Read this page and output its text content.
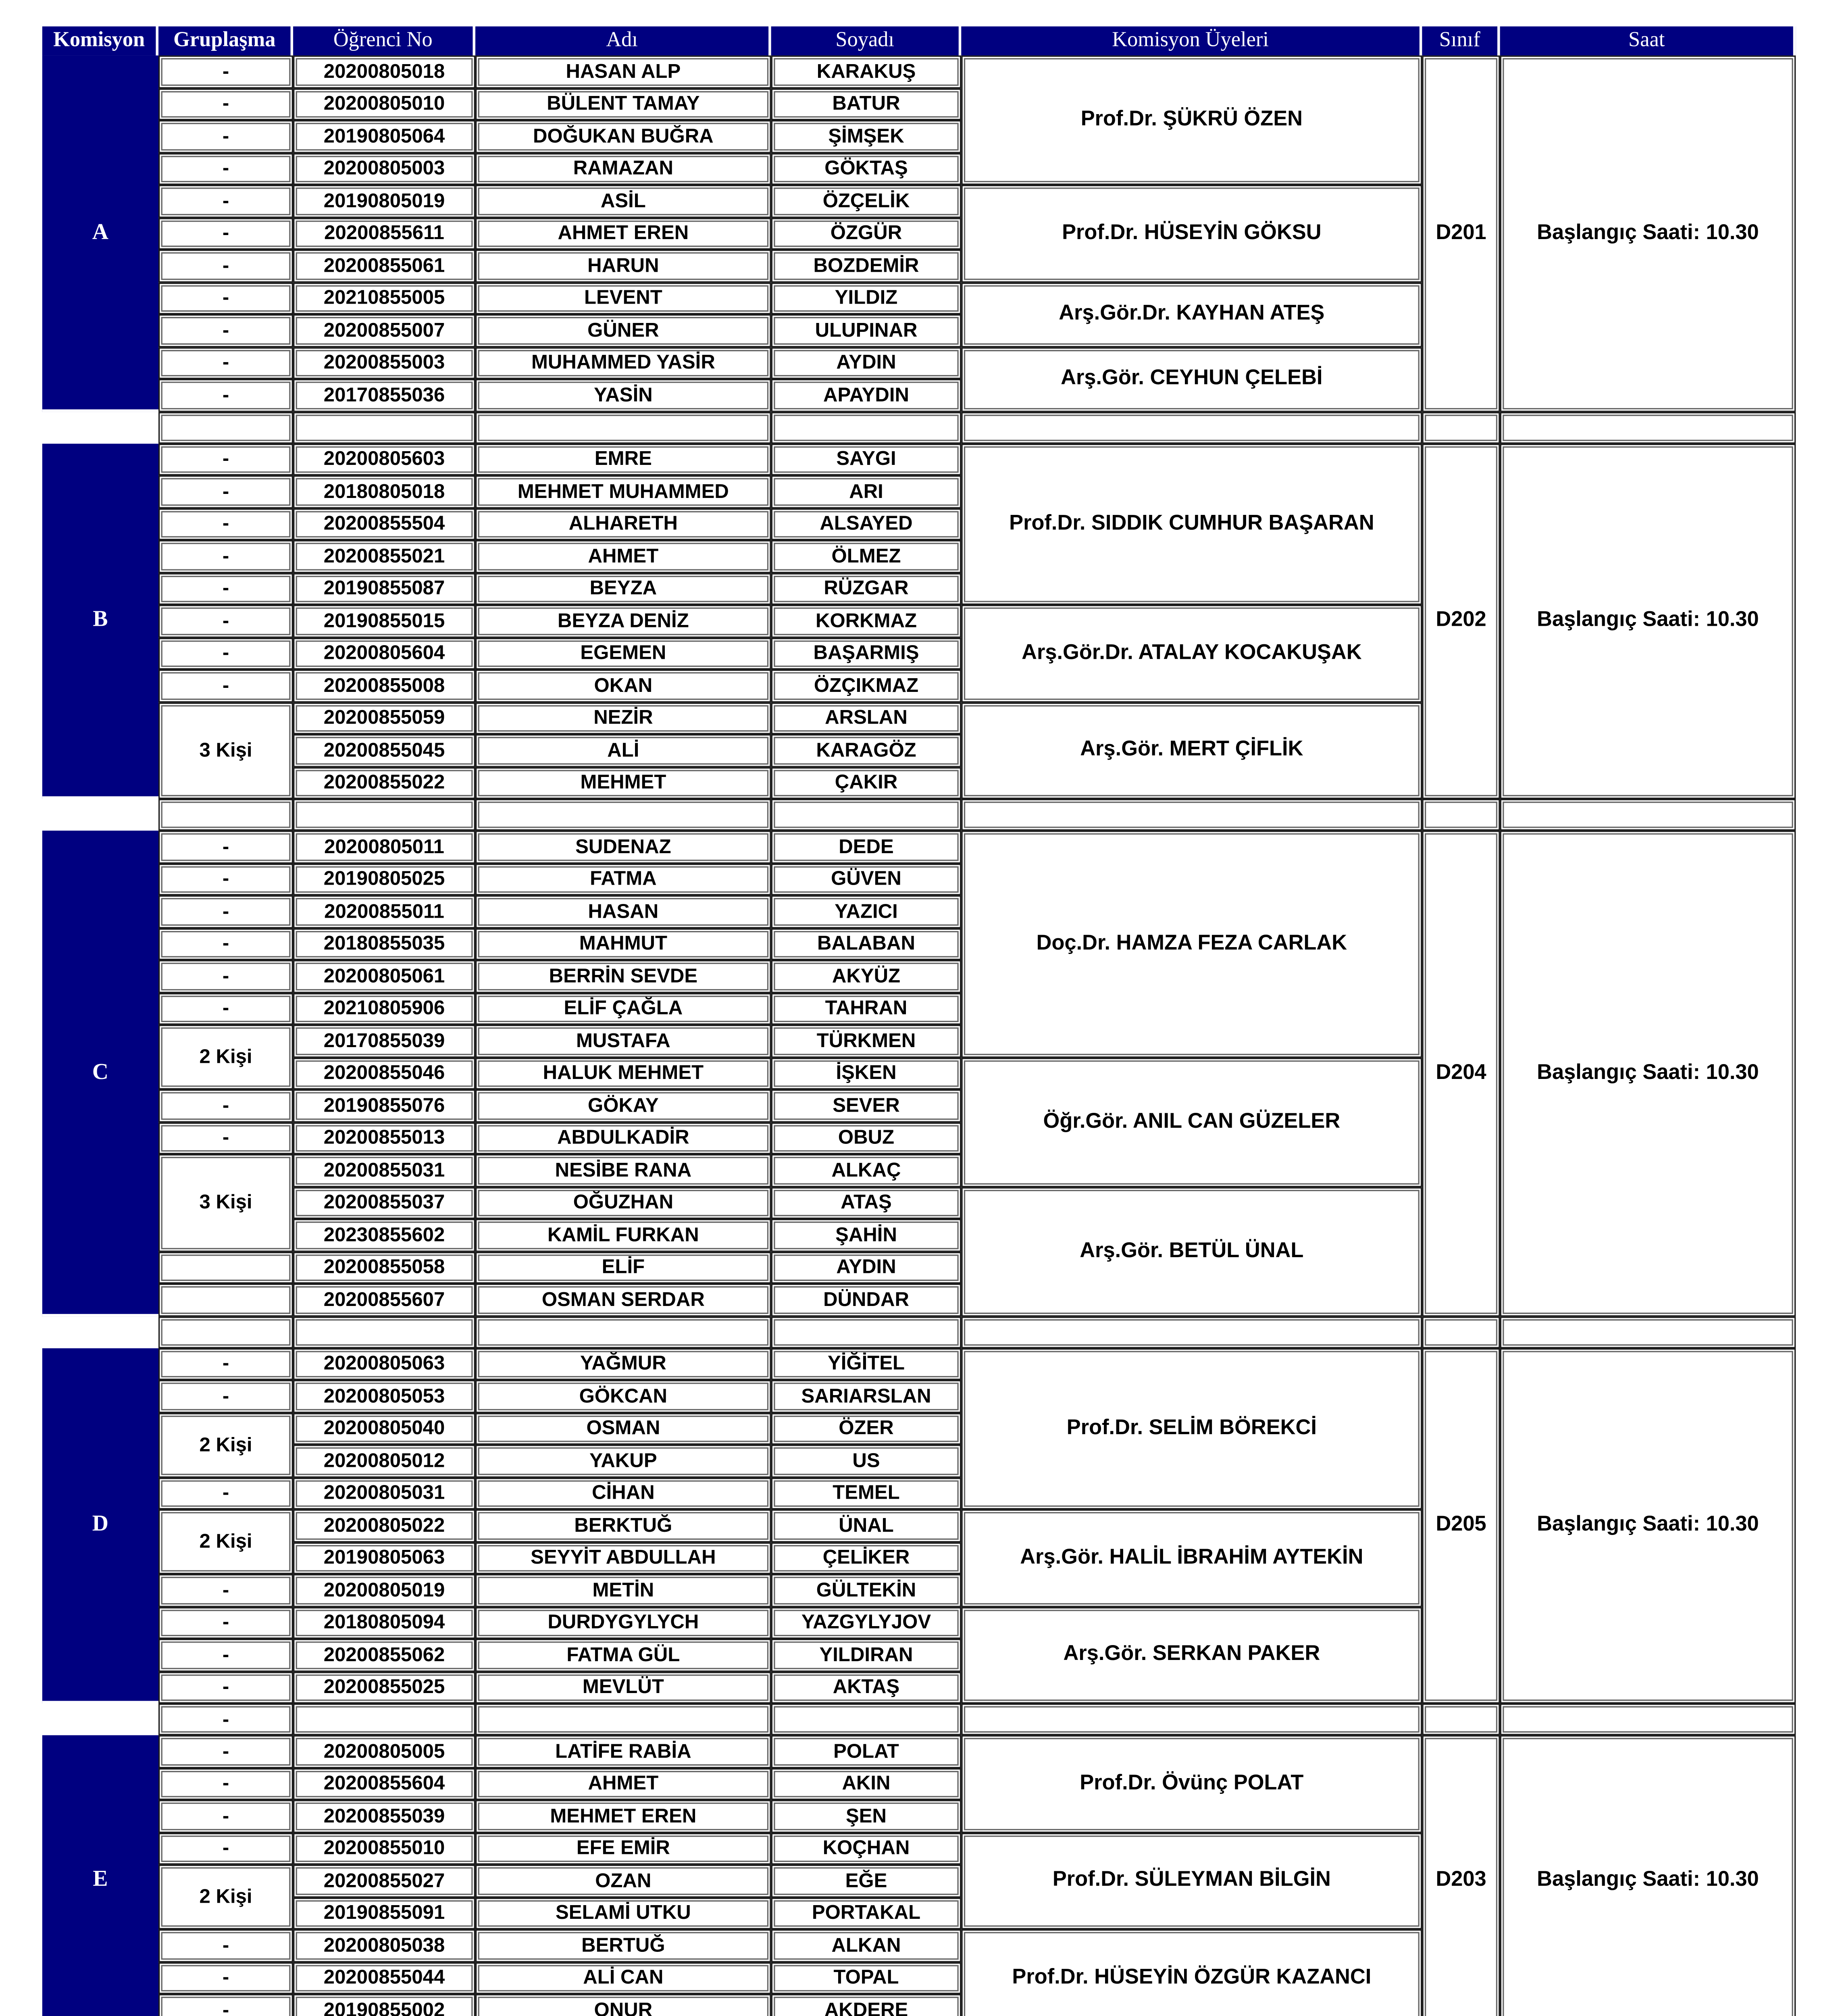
Komisyon	Gruplaşma	Öğrenci No	Adı	Soyadı	Komisyon Üyeleri	Sınıf	Saat
A	-	20200805018	HASAN ALP	KARAKUŞ	Prof.Dr. ŞÜKRÜ ÖZEN	D201	Başlangıç Saati: 10.30
	-	20200805010	BÜLENT TAMAY	BATUR			
	-	20190805064	DOĞUKAN BUĞRA	ŞİMŞEK			
	-	20200805003	RAMAZAN	GÖKTAŞ			
	-	20190805019	ASİL	ÖZÇELİK	Prof.Dr. HÜSEYİN GÖKSU		
	-	20200855611	AHMET EREN	ÖZGÜR			
	-	20200855061	HARUN	BOZDEMİR			
	-	20210855005	LEVENT	YILDIZ	Arş.Gör.Dr. KAYHAN ATEŞ		
	-	20200855007	GÜNER	ULUPINAR			
	-	20200855003	MUHAMMED YASİR	AYDIN	Arş.Gör. CEYHUN ÇELEBİ		
	-	20170855036	YASİN	APAYDIN			

B	-	20200805603	EMRE	SAYGI	Prof.Dr. SIDDIK CUMHUR BAŞARAN	D202	Başlangıç Saati: 10.30
	-	20180805018	MEHMET MUHAMMED	ARI			
	-	20200855504	ALHARETH	ALSAYED			
	-	20200855021	AHMET	ÖLMEZ			
	-	20190855087	BEYZA	RÜZGAR			
	-	20190855015	BEYZA DENİZ	KORKMAZ	Arş.Gör.Dr. ATALAY KOCAKUŞAK		
	-	20200805604	EGEMEN	BAŞARMIŞ			
	-	20200855008	OKAN	ÖZÇIKMAZ			
	3 Kişi	20200855059	NEZİR	ARSLAN	Arş.Gör. MERT ÇİFLİK		
		20200855045	ALİ	KARAGÖZ			
		20200855022	MEHMET	ÇAKIR			

C	-	20200805011	SUDENAZ	DEDE	Doç.Dr. HAMZA FEZA CARLAK	D204	Başlangıç Saati: 10.30
	-	20190805025	FATMA	GÜVEN			
	-	20200855011	HASAN	YAZICI			
	-	20180855035	MAHMUT	BALABAN			
	-	20200805061	BERRİN SEVDE	AKYÜZ			
	-	20210805906	ELİF ÇAĞLA	TAHRAN			
	2 Kişi	20170855039	MUSTAFA	TÜRKMEN			
		20200855046	HALUK MEHMET	İŞKEN	Öğr.Gör. ANIL CAN GÜZELER		
	-	20190855076	GÖKAY	SEVER			
	-	20200855013	ABDULKADİR	OBUZ			
	3 Kişi	20200855031	NESİBE RANA	ALKAÇ			
		20200855037	OĞUZHAN	ATAŞ	Arş.Gör. BETÜL ÜNAL		
		20230855602	KAMİL FURKAN	ŞAHİN			
		20200855058	ELİF	AYDIN			
		20200855607	OSMAN SERDAR	DÜNDAR			

D	-	20200805063	YAĞMUR	YİĞİTEL	Prof.Dr. SELİM BÖREKCİ	D205	Başlangıç Saati: 10.30
	-	20200805053	GÖKCAN	SARIARSLAN			
	2 Kişi	20200805040	OSMAN	ÖZER			
		20200805012	YAKUP	US			
	-	20200805031	CİHAN	TEMEL			
	2 Kişi	20200805022	BERKTUĞ	ÜNAL	Arş.Gör. HALİL İBRAHİM AYTEKİN		
		20190805063	SEYYİT ABDULLAH	ÇELİKER			
	-	20200805019	METİN	GÜLTEKİN			
	-	20180805094	DURDYGYLYCH	YAZGYLYJOV	Arş.Gör. SERKAN PAKER		
	-	20200855062	FATMA GÜL	YILDIRAN			
	-	20200855025	MEVLÜT	AKTAŞ			
	-						
E	-	20200805005	LATİFE RABİA	POLAT	Prof.Dr. Övünç POLAT	D203	Başlangıç Saati: 10.30
	-	20200855604	AHMET	AKIN			
	-	20200855039	MEHMET EREN	ŞEN			
	-	20200855010	EFE EMİR	KOÇHAN	Prof.Dr. SÜLEYMAN BİLGİN		
	2 Kişi	20200855027	OZAN	EĞE			
		20190855091	SELAMİ UTKU	PORTAKAL			
	-	20200805038	BERTUĞ	ALKAN	Prof.Dr. HÜSEYİN ÖZGÜR KAZANCI		
	-	20200855044	ALİ CAN	TOPAL			
	-	20190855002	ONUR	AKDERE			
